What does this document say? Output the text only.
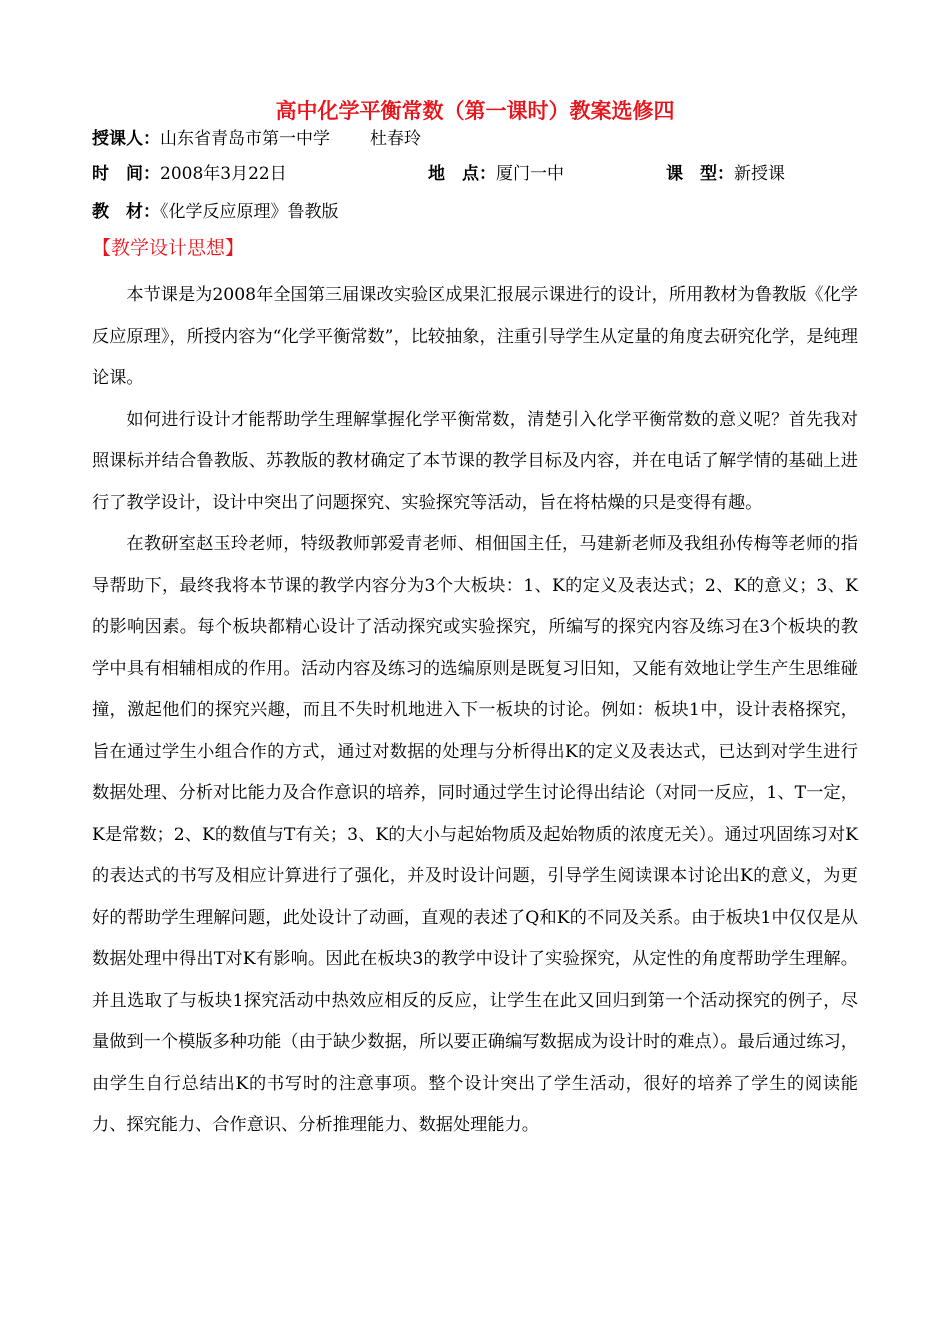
高中化学平衡常数（第一课时）教案选修四
授课人：山东省青岛市第一中学 杜春玲
时　间：2008年3月22日	地　点：厦门一中	课　型：新授课
教　材：《化学反应原理》鲁教版
【教学设计思想】

本节课是为2008年全国第三届课改实验区成果汇报展示课进行的设计，所用教材为鲁教版《化学反应原理》，所授内容为“化学平衡常数”，比较抽象，注重引导学生从定量的角度去研究化学，是纯理论课。

如何进行设计才能帮助学生理解掌握化学平衡常数，清楚引入化学平衡常数的意义呢？首先我对照课标并结合鲁教版、苏教版的教材确定了本节课的教学目标及内容，并在电话了解学情的基础上进行了教学设计，设计中突出了问题探究、实验探究等活动，旨在将枯燥的只是变得有趣。

在教研室赵玉玲老师，特级教师郭爱青老师、相佃国主任，马建新老师及我组孙传梅等老师的指导帮助下，最终我将本节课的教学内容分为3个大板块：1、K的定义及表达式；2、K的意义；3、K的影响因素。每个板块都精心设计了活动探究或实验探究，所编写的探究内容及练习在3个板块的教学中具有相辅相成的作用。活动内容及练习的选编原则是既复习旧知，又能有效地让学生产生思维碰撞，激起他们的探究兴趣，而且不失时机地进入下一板块的讨论。例如：板块1中，设计表格探究，旨在通过学生小组合作的方式，通过对数据的处理与分析得出K的定义及表达式，已达到对学生进行数据处理、分析对比能力及合作意识的培养，同时通过学生讨论得出结论（对同一反应，1、T一定，K是常数；2、K的数值与T有关；3、K的大小与起始物质及起始物质的浓度无关）。通过巩固练习对K的表达式的书写及相应计算进行了强化，并及时设计问题，引导学生阅读课本讨论出K的意义，为更好的帮助学生理解问题，此处设计了动画，直观的表述了Q和K的不同及关系。由于板块1中仅仅是从数据处理中得出T对K有影响。因此在板块3的教学中设计了实验探究，从定性的角度帮助学生理解。并且选取了与板块1探究活动中热效应相反的反应，让学生在此又回归到第一个活动探究的例子，尽量做到一个模版多种功能（由于缺少数据，所以要正确编写数据成为设计时的难点）。最后通过练习，由学生自行总结出K的书写时的注意事项。整个设计突出了学生活动，很好的培养了学生的阅读能力、探究能力、合作意识、分析推理能力、数据处理能力。
